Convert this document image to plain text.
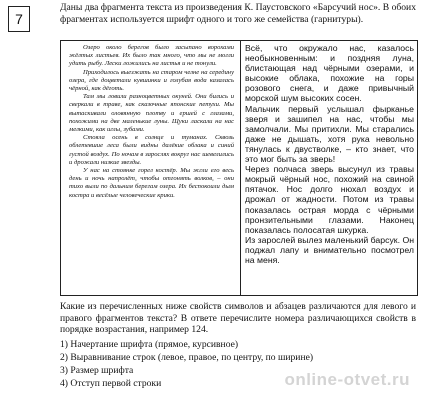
7
Даны два фрагмента текста из произведения К. Паустовского «Барсучий нос». В обоих фрагментах используется шрифт одного и того же семейства (гарнитуры).

Озеро около берегов было засыпано ворохами жёлтых листьев. Их было так много, что мы не могли удить рыбу. Лески ложились на листья и не тонули.

Приходилось выезжать на старом челне на середину озера, где доцветали кувшинки и голубая вода казалась чёрной, как дёготь.

Там мы ловили разноцветных окуней. Они бились и сверкали в траве, как сказочные японские петухи. Мы вытаскивали оловянную плотву и ершей с глазами, похожими на две маленькие луны. Щуки ласкали на нас мелкими, как иглы, зубами.

Стояла осень в солнце и туманах. Сквозь облетевшие леса были видны далёкие облака и синий густой воздух. По ночам в зарослях вокруг нас шевелились и дрожали низкие звезды.

У нас на стоянке горел костёр. Мы жгли его весь день и ночь напролёт, чтобы отгонять волков, – они тихо выли по дальним берегам озера. Их беспокоили дым костра и весёлые человеческие крики.

Всё, что окружало нас, казалось необыкновенным: и поздняя луна, блистающая над чёрными озерами, и высокие облака, похожие на горы розового снега, и даже привычный морской шум высоких сосен.

Мальчик первый услышал фырканье зверя и зашипел на нас, чтобы мы замолчали. Мы притихли. Мы старались даже не дышать, хотя рука невольно тянулась к двустволке, – кто знает, что это мог быть за зверь!

Через полчаса зверь высунул из травы мокрый чёрный нос, похожий на свиной пятачок. Нос долго нюхал воздух и дрожал от жадности. Потом из травы показалась острая морда с чёрными пронзительными глазами. Наконец показалась полосатая шкурка.

Из зарослей вылез маленький барсук. Он поджал лапу и внимательно посмотрел на меня.

Какие из перечисленных ниже свойств символов и абзацев различаются для левого и правого фрагментов текста? В ответе перечислите номера различающихся свойств в порядке возрастания, например 124.
1) Начертание шрифта (прямое, курсивное)
2) Выравнивание строк (левое, правое, по центру, по ширине)
3) Размер шрифта
4) Отступ первой строки	online-otvet.ru
